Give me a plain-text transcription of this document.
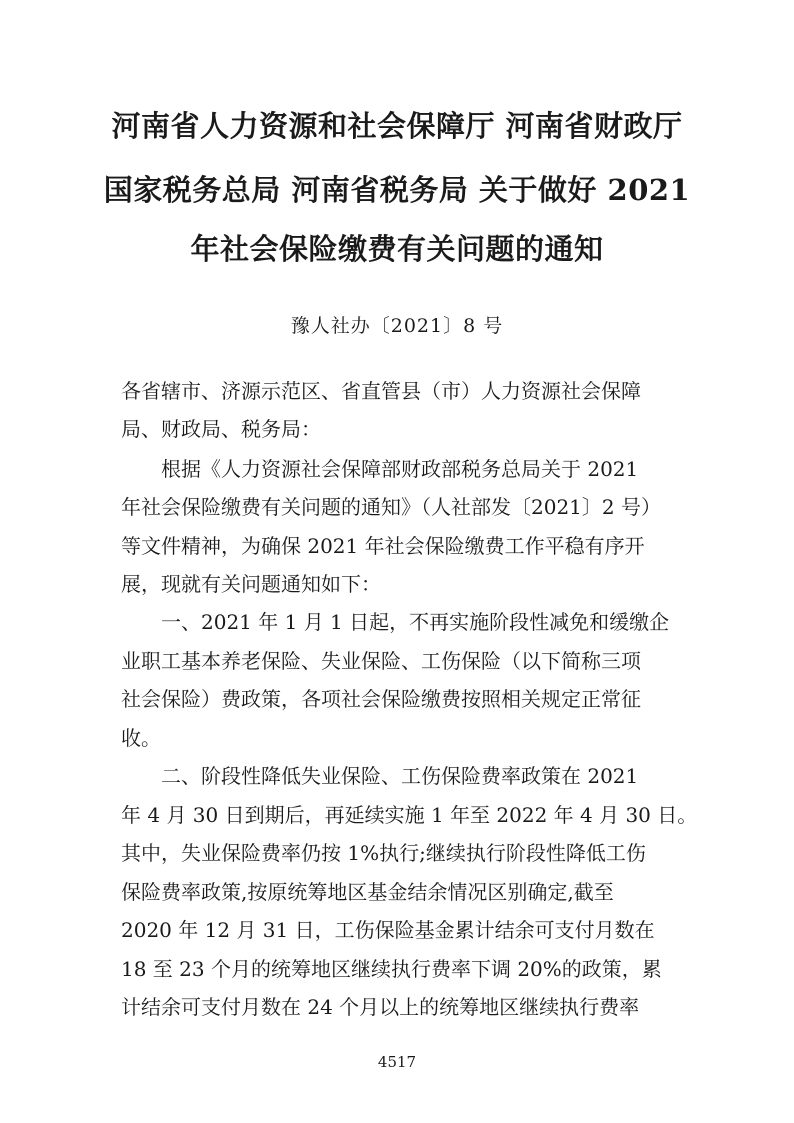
河南省人力资源和社会保障厅 河南省财政厅
国家税务总局 河南省税务局 关于做好 2021
年社会保险缴费有关问题的通知
豫人社办〔2021〕8 号
各省辖市、济源示范区、省直管县（市）人力资源社会保障
局、财政局、税务局：
根据《人力资源社会保障部财政部税务总局关于 2021
年社会保险缴费有关问题的通知》（人社部发〔2021〕2 号）
等文件精神，为确保 2021 年社会保险缴费工作平稳有序开
展，现就有关问题通知如下：
一、2021 年 1 月 1 日起，不再实施阶段性减免和缓缴企
业职工基本养老保险、失业保险、工伤保险（以下简称三项
社会保险）费政策，各项社会保险缴费按照相关规定正常征
收。
二、阶段性降低失业保险、工伤保险费率政策在 2021
年 4 月 30 日到期后，再延续实施 1 年至 2022 年 4 月 30 日。
其中，失业保险费率仍按 1%执行;继续执行阶段性降低工伤
保险费率政策,按原统筹地区基金结余情况区别确定,截至
2020 年 12 月 31 日，工伤保险基金累计结余可支付月数在
18 至 23 个月的统筹地区继续执行费率下调 20%的政策，累
计结余可支付月数在 24 个月以上的统筹地区继续执行费率
4517
